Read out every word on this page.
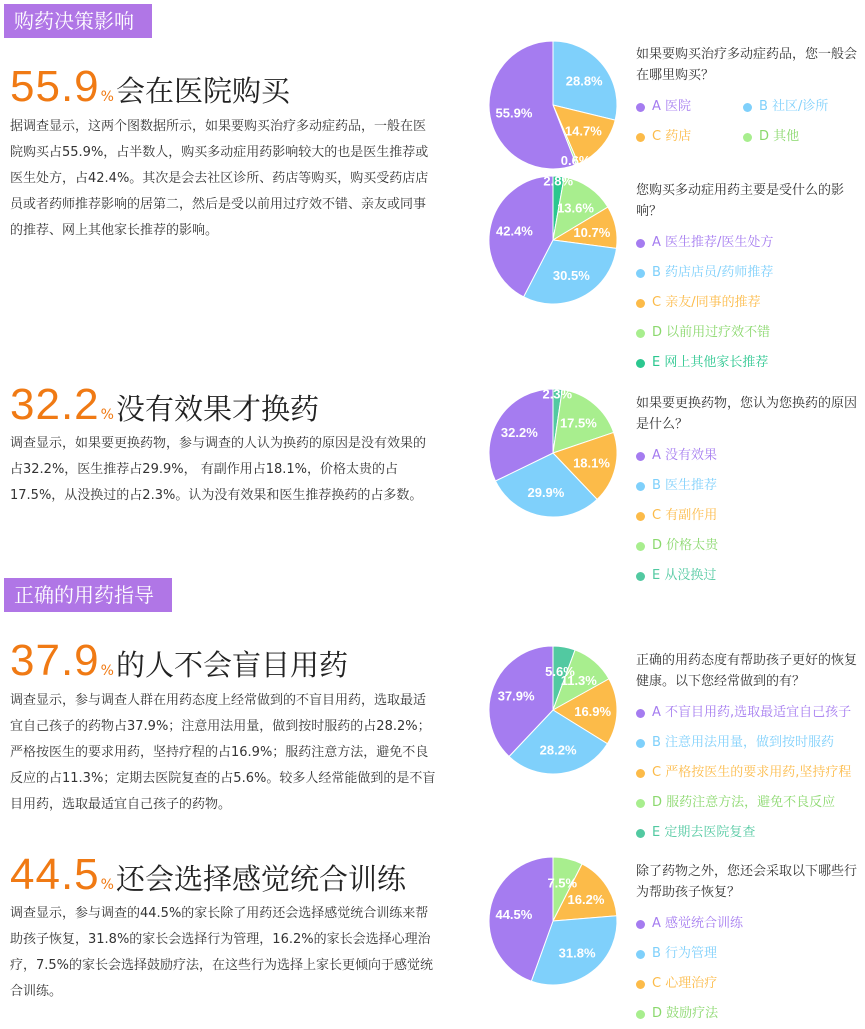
购药决策影响
正确的用药指导
55.9%会在医院购买
据调查显示，这两个图数据所示，如果要购买治疗多动症药品，一般在医院购买占55.9%，占半数人，购买多动症用药影响较大的也是医生推荐或医生处方，占42.4%。其次是会去社区诊所、药店等购买，购买受药店店员或者药师推荐影响的居第二，然后是受以前用过疗效不错、亲友或同事的推荐、网上其他家长推荐的影响。
32.2%没有效果才换药
调查显示，如果要更换药物，参与调查的人认为换药的原因是没有效果的占32.2%，医生推荐占29.9%， 有副作用占18.1%，价格太贵的占17.5%，从没换过的占2.3%。认为没有效果和医生推荐换药的占多数。
37.9%的人不会盲目用药
调查显示，参与调查人群在用药态度上经常做到的不盲目用药，选取最适宜自己孩子的药物占37.9%；注意用法用量，做到按时服药的占28.2%；严格按医生的要求用药，坚持疗程的占16.9%；服药注意方法，避免不良反应的占11.3%；定期去医院复查的占5.6%。较多人经常能做到的是不盲目用药，选取最适宜自己孩子的药物。
44.5%还会选择感觉统合训练
调查显示，参与调查的44.5%的家长除了用药还会选择感觉统合训练来帮助孩子恢复，31.8%的家长会选择行为管理，16.2%的家长会选择心理治疗，7.5%的家长会选择鼓励疗法，在这些行为选择上家长更倾向于感觉统合训练。
28.8%
14.7%
0.6%
55.9%
2.8%
13.6%
10.7%
30.5%
42.4%
2.3%
17.5%
18.1%
29.9%
32.2%
5.6%
11.3%
16.9%
28.2%
37.9%
7.5%
16.2%
31.8%
44.5%
如果要购买治疗多动症药品，您一般会在哪里购买？
A 医院	B 社区/诊所
C 药店	D 其他
您购买多动症用药主要是受什么的影响？
A 医生推荐/医生处方
B 药店店员/药师推荐
C 亲友/同事的推荐
D 以前用过疗效不错
E 网上其他家长推荐
如果要更换药物，您认为您换药的原因是什么？
A 没有效果
B 医生推荐
C 有副作用
D 价格太贵
E 从没换过
正确的用药态度有帮助孩子更好的恢复健康。以下您经常做到的有？
A 不盲目用药,选取最适宜自己孩子
B 注意用法用量，做到按时服药
C 严格按医生的要求用药,坚持疗程
D 服药注意方法，避免不良反应
E 定期去医院复查
除了药物之外，您还会采取以下哪些行为帮助孩子恢复？
A 感觉统合训练
B 行为管理
C 心理治疗
D 鼓励疗法
